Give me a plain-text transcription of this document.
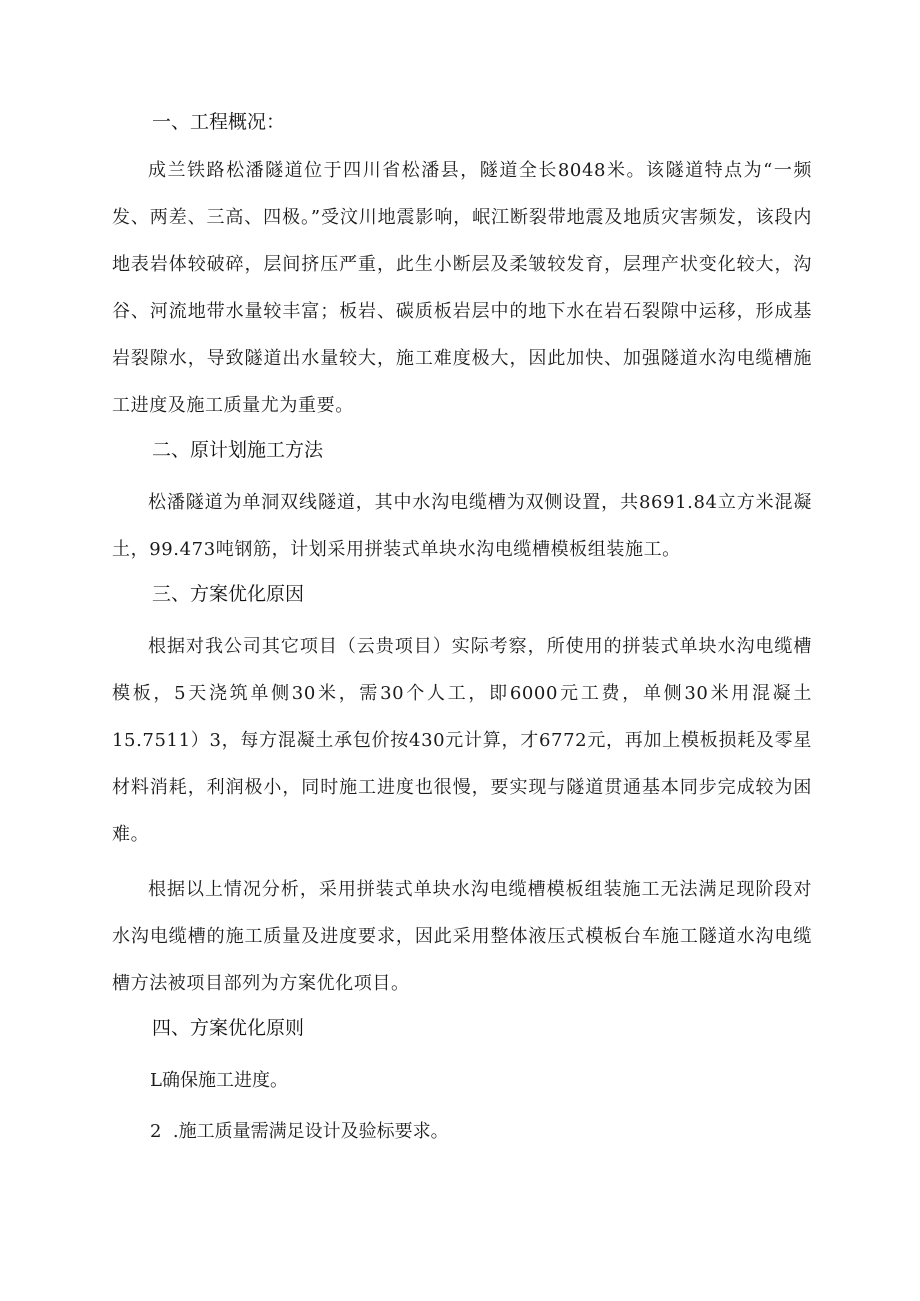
一、工程概况：

成兰铁路松潘隧道位于四川省松潘县，隧道全长8048米。该隧道特点为“一频发、两差、三高、四极。”受汶川地震影响，岷江断裂带地震及地质灾害频发，该段内地表岩体较破碎，层间挤压严重，此生小断层及柔皱较发育，层理产状变化较大，沟谷、河流地带水量较丰富；板岩、碳质板岩层中的地下水在岩石裂隙中运移，形成基岩裂隙水，导致隧道出水量较大，施工难度极大，因此加快、加强隧道水沟电缆槽施工进度及施工质量尤为重要。

二、原计划施工方法

松潘隧道为单洞双线隧道，其中水沟电缆槽为双侧设置，共8691.84立方米混凝土，99.473吨钢筋，计划采用拼装式单块水沟电缆槽模板组装施工。

三、方案优化原因

根据对我公司其它项目（云贵项目）实际考察，所使用的拼装式单块水沟电缆槽模板，5天浇筑单侧30米，需30个人工，即6000元工费，单侧30米用混凝土15.7511）3，每方混凝土承包价按430元计算，才6772元，再加上模板损耗及零星材料消耗，利润极小，同时施工进度也很慢，要实现与隧道贯通基本同步完成较为困难。

根据以上情况分析，采用拼装式单块水沟电缆槽模板组装施工无法满足现阶段对水沟电缆槽的施工质量及进度要求，因此采用整体液压式模板台车施工隧道水沟电缆槽方法被项目部列为方案优化项目。

四、方案优化原则

L确保施工进度。

2  .施工质量需满足设计及验标要求。
